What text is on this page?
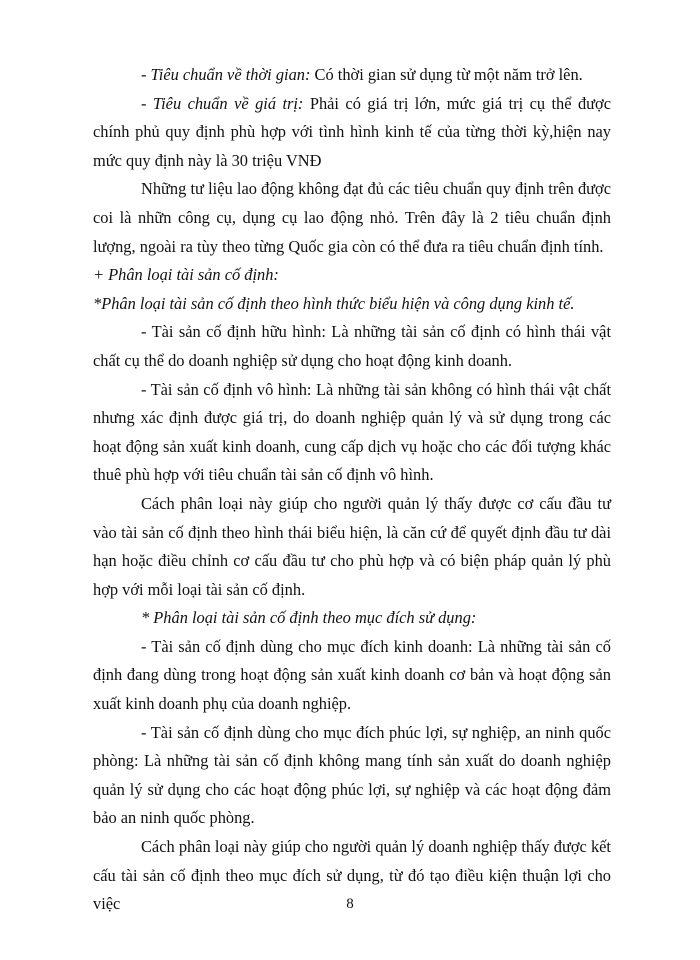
- Tiêu chuẩn về thời gian: Có thời gian sử dụng từ một năm trở lên.

- Tiêu chuẩn về giá trị: Phải có giá trị lớn, mức giá trị cụ thể được chính phủ quy định phù hợp với tình hình kinh tế của từng thời kỳ,hiện nay mức quy định này là 30 triệu VNĐ

Những tư liệu lao động không đạt đủ các tiêu chuẩn quy định trên được coi là nhữn công cụ, dụng cụ lao động nhỏ. Trên đây là 2 tiêu chuẩn định lượng, ngoài ra tùy theo từng Quốc gia còn có thể đưa ra tiêu chuẩn định tính.

+ Phân loại tài sản cố định:

*Phân loại tài sản cố định theo hình thức biểu hiện và công dụng kinh tế.

- Tài sản cố định hữu hình: Là những tài sản cố định có hình thái vật chất cụ thể do doanh nghiệp sử dụng cho hoạt động kinh doanh.

- Tài sản cố định vô hình: Là những tài sản không có hình thái vật chất nhưng xác định được giá trị, do doanh nghiệp quản lý và sử dụng trong các hoạt động sản xuất kinh doanh, cung cấp dịch vụ hoặc cho các đối tượng khác thuê phù hợp với tiêu chuẩn tài sản cố định vô hình.

Cách phân loại này giúp cho người quản lý thấy được cơ cấu đầu tư vào tài sản cố định theo hình thái biểu hiện, là căn cứ để quyết định đầu tư dài hạn hoặc điều chỉnh cơ cấu đầu tư cho phù hợp và có biện pháp quản lý phù hợp với mỗi loại tài sản cố định.

* Phân loại tài sản cố định theo mục đích sử dụng:

- Tài sản cố định dùng cho mục đích kinh doanh: Là những tài sản cố định đang dùng trong hoạt động sản xuất kinh doanh cơ bản và hoạt động sản xuất kinh doanh phụ của doanh nghiệp.

- Tài sản cố định dùng cho mục đích phúc lợi, sự nghiệp, an ninh quốc phòng: Là những tài sản cố định không mang tính sản xuất do doanh nghiệp quản lý sử dụng cho các hoạt động phúc lợi, sự nghiệp và các hoạt động đảm bảo an ninh quốc phòng.

Cách phân loại này giúp cho người quản lý doanh nghiệp thấy được kết cấu tài sản cố định theo mục đích sử dụng, từ đó tạo điều kiện thuận lợi cho việc	8
